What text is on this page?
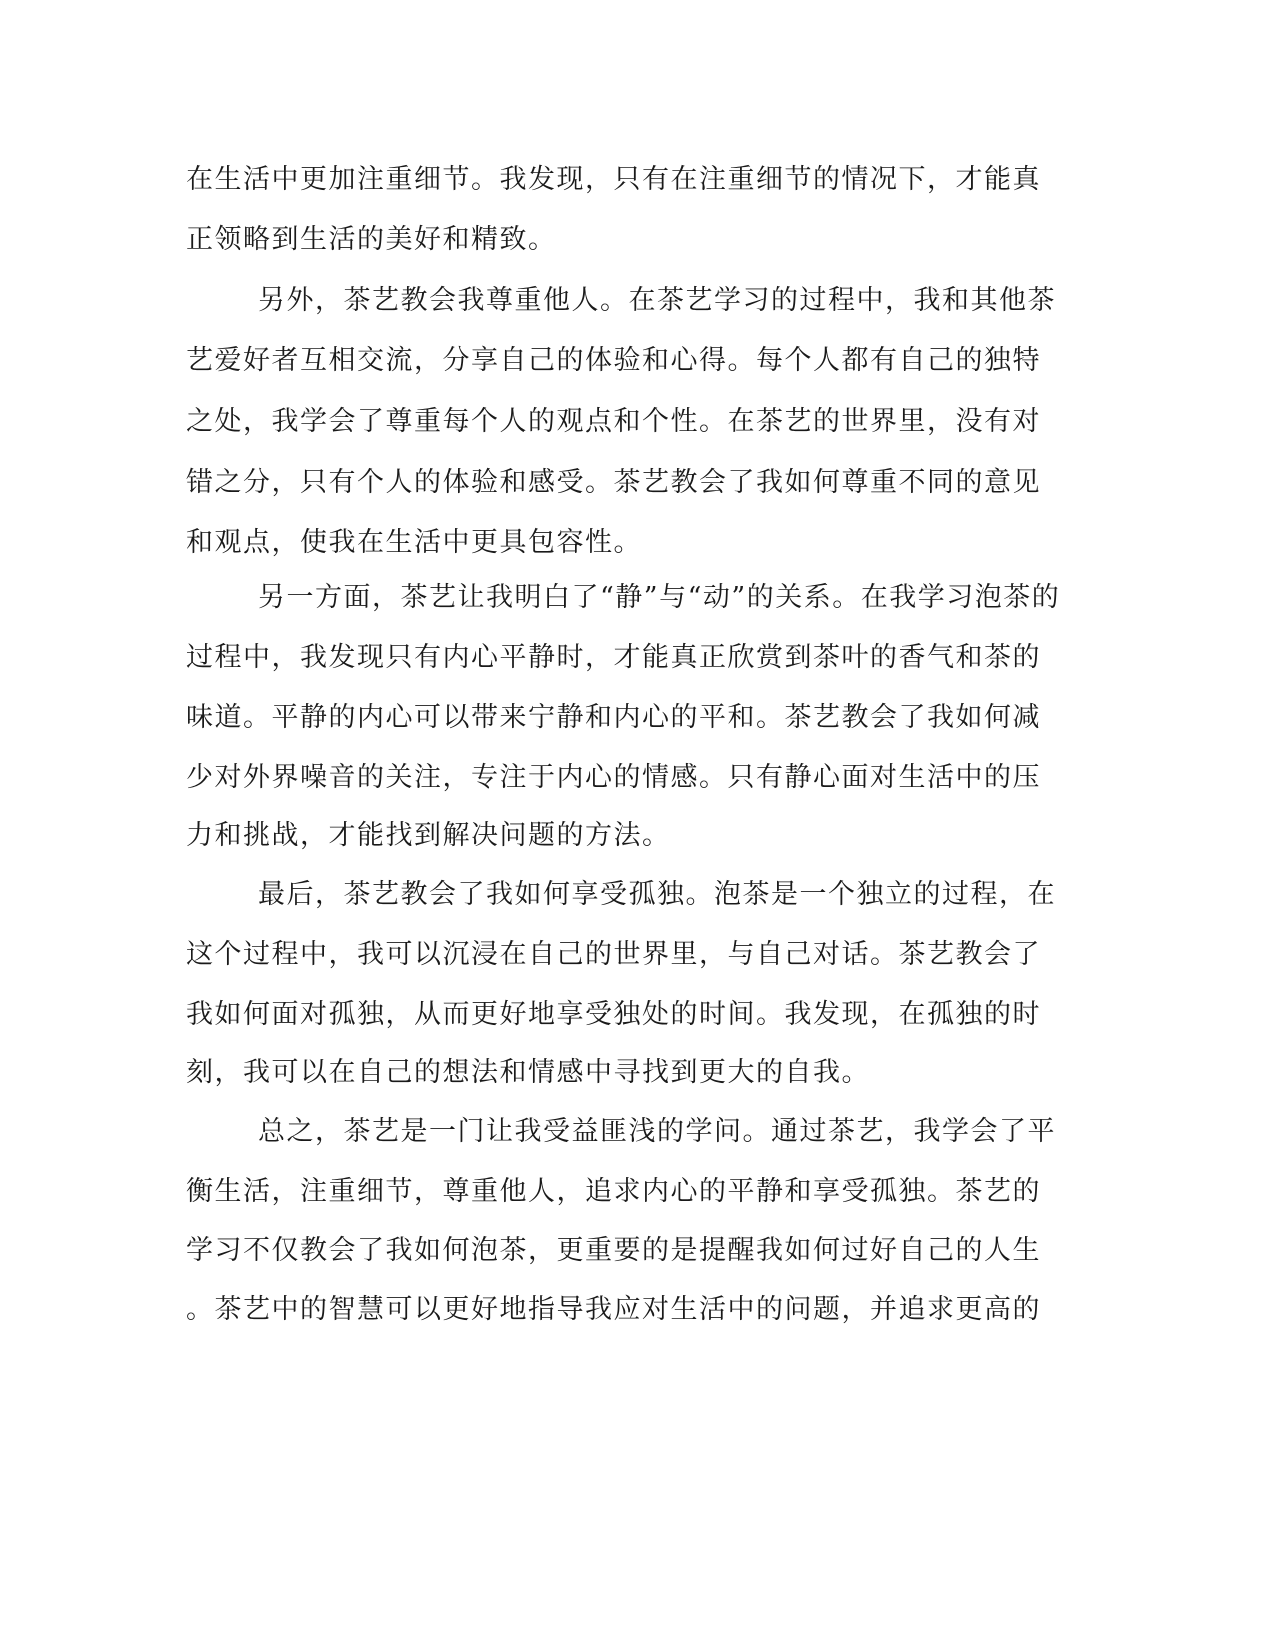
在生活中更加注重细节。我发现，只有在注重细节的情况下，才能真
正领略到生活的美好和精致。
另外，茶艺教会我尊重他人。在茶艺学习的过程中，我和其他茶
艺爱好者互相交流，分享自己的体验和心得。每个人都有自己的独特
之处，我学会了尊重每个人的观点和个性。在茶艺的世界里，没有对
错之分，只有个人的体验和感受。茶艺教会了我如何尊重不同的意见
和观点，使我在生活中更具包容性。
另一方面，茶艺让我明白了“静”与“动”的关系。在我学习泡茶的
过程中，我发现只有内心平静时，才能真正欣赏到茶叶的香气和茶的
味道。平静的内心可以带来宁静和内心的平和。茶艺教会了我如何减
少对外界噪音的关注，专注于内心的情感。只有静心面对生活中的压
力和挑战，才能找到解决问题的方法。
最后，茶艺教会了我如何享受孤独。泡茶是一个独立的过程，在
这个过程中，我可以沉浸在自己的世界里，与自己对话。茶艺教会了
我如何面对孤独，从而更好地享受独处的时间。我发现，在孤独的时
刻，我可以在自己的想法和情感中寻找到更大的自我。
总之，茶艺是一门让我受益匪浅的学问。通过茶艺，我学会了平
衡生活，注重细节，尊重他人，追求内心的平静和享受孤独。茶艺的
学习不仅教会了我如何泡茶，更重要的是提醒我如何过好自己的人生
。茶艺中的智慧可以更好地指导我应对生活中的问题，并追求更高的
